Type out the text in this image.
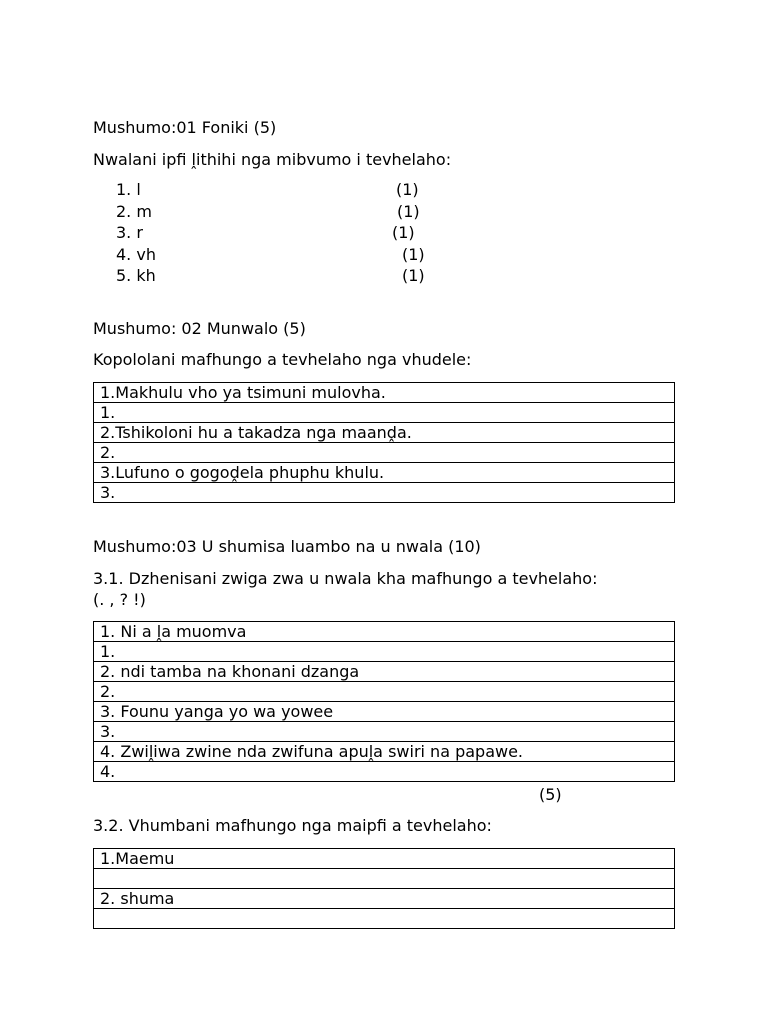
Mushumo:01 Foniki (5)
Nwalani ipfi ḽithihi nga mibvumo i tevhelaho:
1. l	(1)
2. m	(1)
3. r	(1)
4. vh	(1)
5. kh	(1)
Mushumo: 02 Munwalo (5)
Kopololani mafhungo a tevhelaho nga vhudele:
1.Makhulu vho ya tsimuni mulovha.
1.
2.Tshikoloni hu a takadza nga maanḓa.
2.
3.Lufuno o gogoḓela phuphu khulu.
3.
Mushumo:03 U shumisa luambo na u nwala (10)
3.1. Dzhenisani zwiga zwa u nwala kha mafhungo a tevhelaho:
(. , ? !)
1. Ni a ḽa muomva
1.
2. ndi tamba na khonani dzanga
2.
3. Founu yanga yo wa yowee
3.
4. Zwiḽiwa zwine nda zwifuna apuḽa swiri na papawe.
4.
(5)
3.2. Vhumbani mafhungo nga maipfi a tevhelaho:
1.Maemu

2. shuma
